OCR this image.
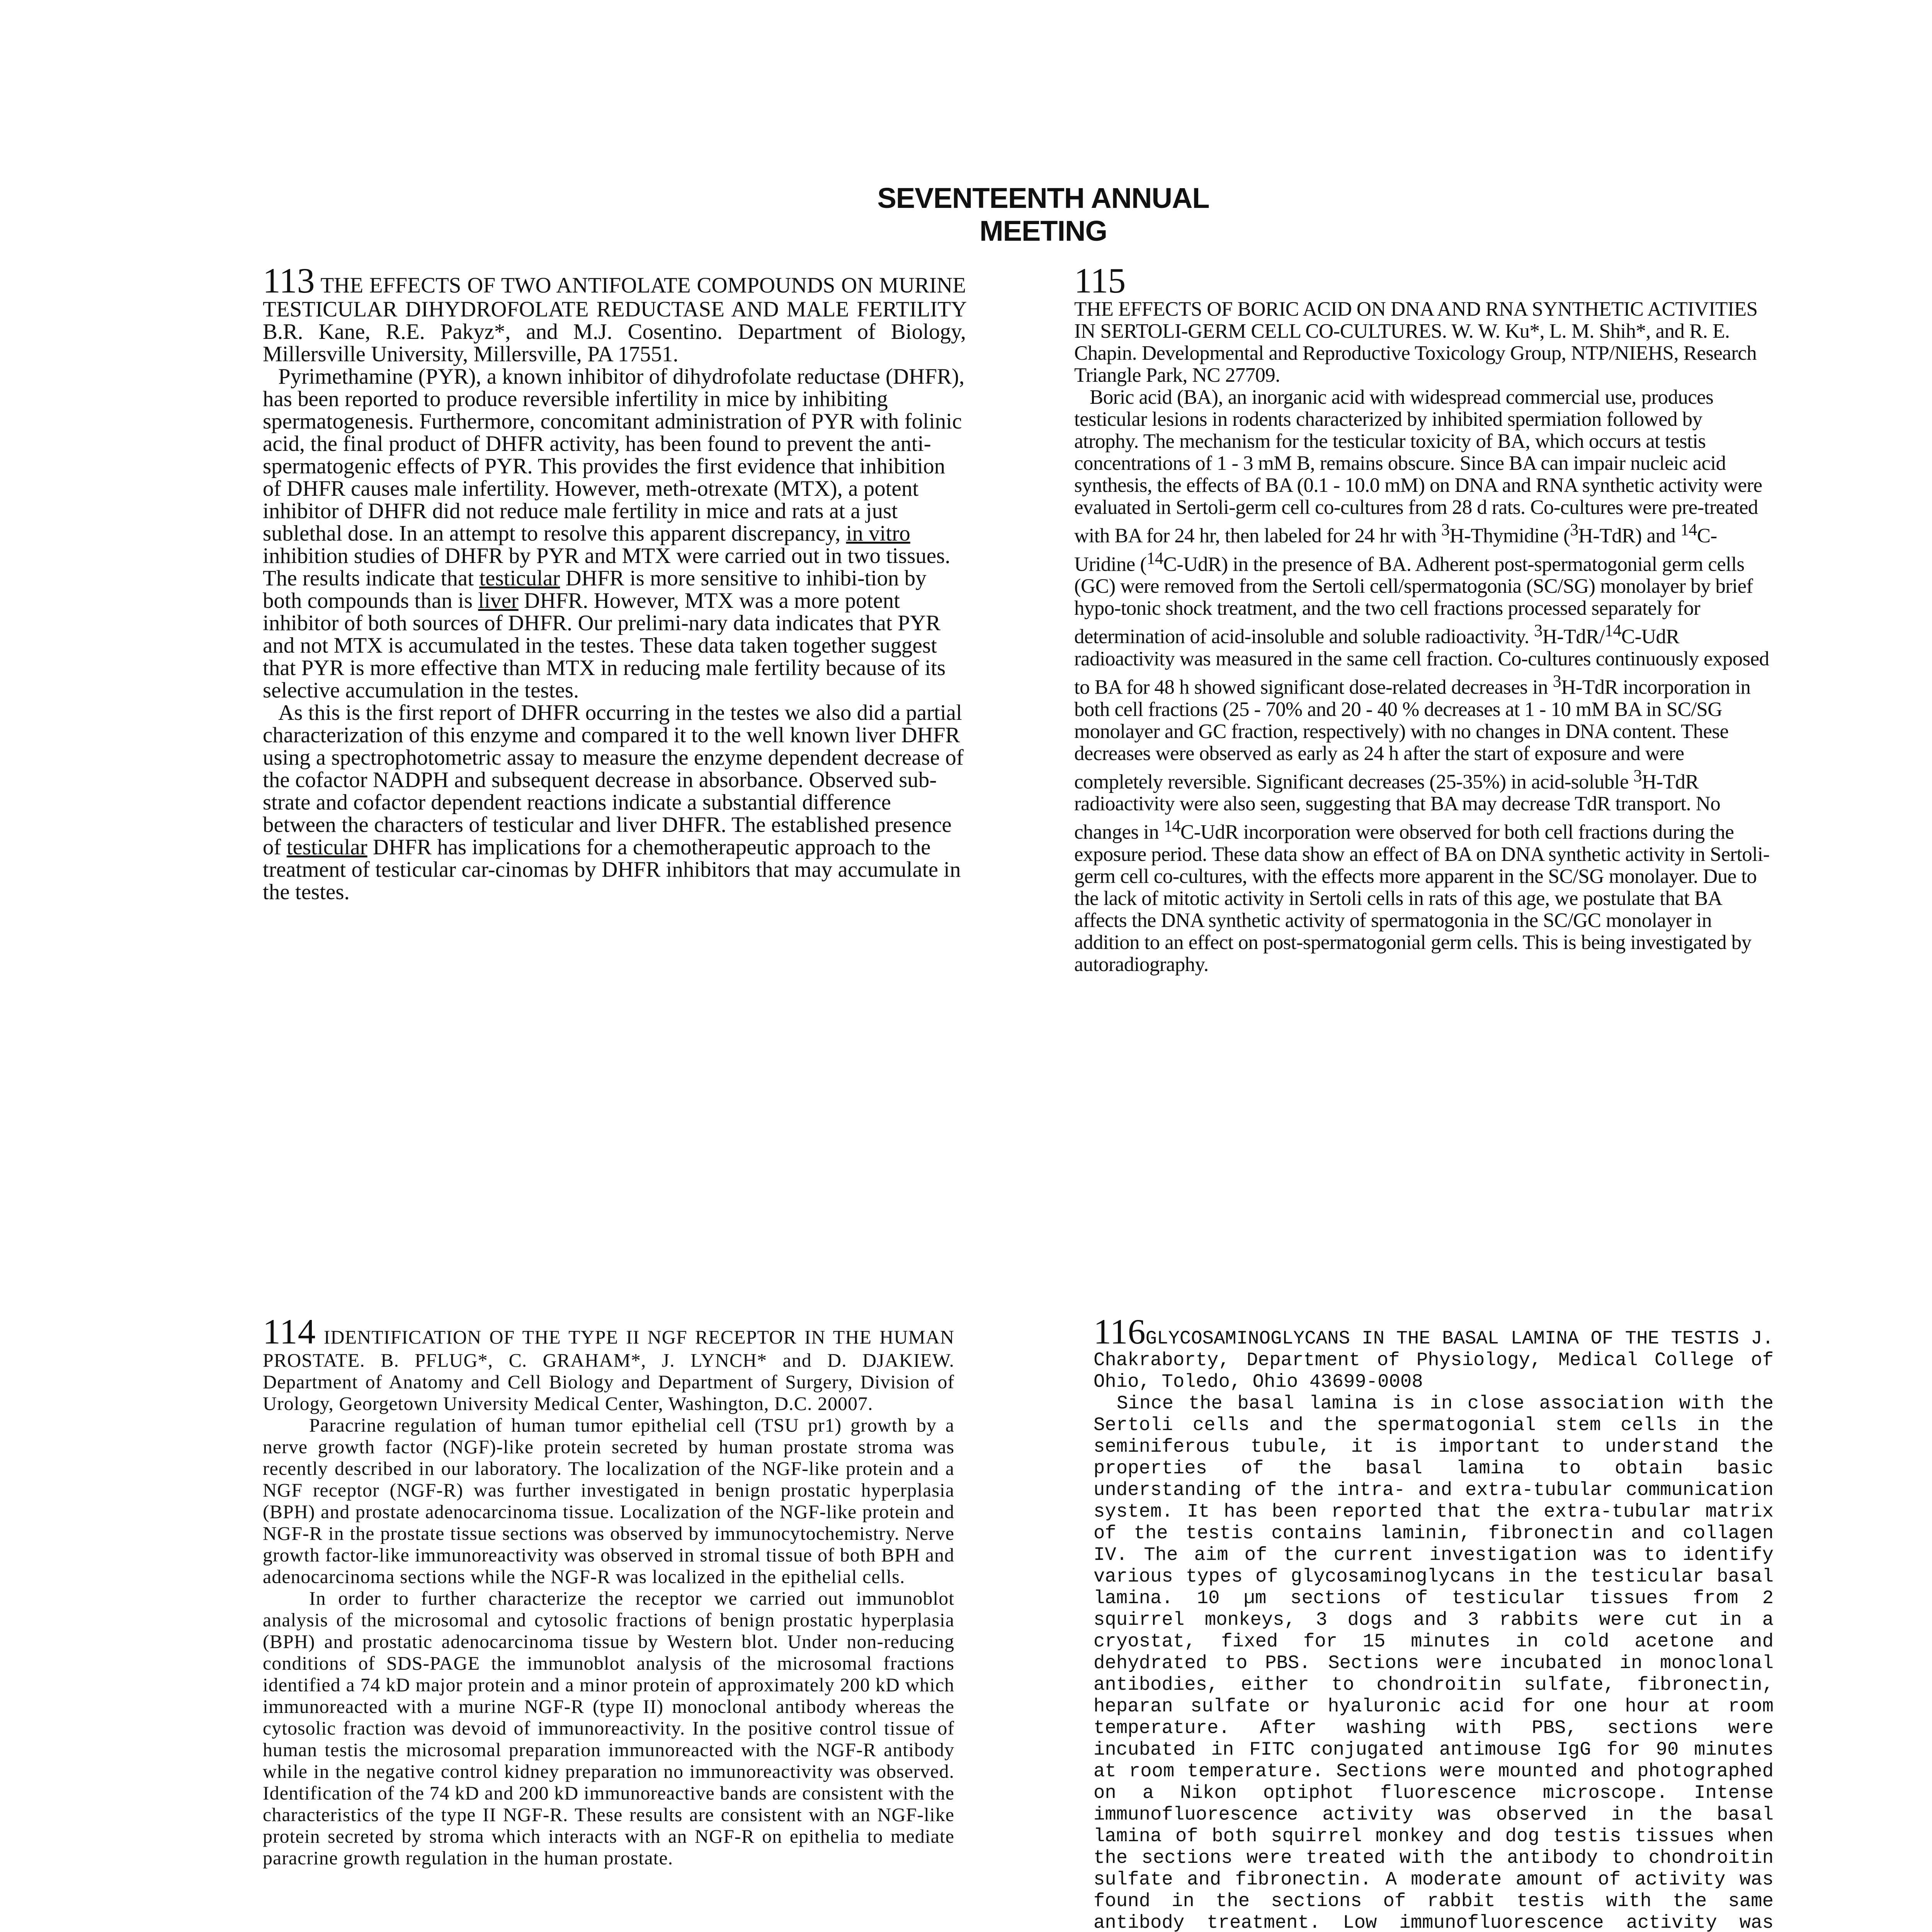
SEVENTEENTH ANNUAL MEETING

113 THE EFFECTS OF TWO ANTIFOLATE COMPOUNDS ON MURINE TESTICULAR DIHYDROFOLATE REDUCTASE AND MALE FERTILITY B.R. Kane, R.E. Pakyz*, and M.J. Cosentino. Department of Biology, Millersville University, Millersville, PA 17551.

Pyrimethamine (PYR), a known inhibitor of dihydrofolate reductase (DHFR), has been reported to produce reversible infertility in mice by inhibiting spermatogenesis. Furthermore, concomitant administration of PYR with folinic acid, the final product of DHFR activity, has been found to prevent the anti-spermatogenic effects of PYR. This provides the first evidence that inhibition of DHFR causes male infertility. However, meth-otrexate (MTX), a potent inhibitor of DHFR did not reduce male fertility in mice and rats at a just sublethal dose. In an attempt to resolve this apparent discrepancy, in vitro inhibition studies of DHFR by PYR and MTX were carried out in two tissues. The results indicate that testicular DHFR is more sensitive to inhibi-tion by both compounds than is liver DHFR. However, MTX was a more potent inhibitor of both sources of DHFR. Our prelimi-nary data indicates that PYR and not MTX is accumulated in the testes. These data taken together suggest that PYR is more effective than MTX in reducing male fertility because of its selective accumulation in the testes.

As this is the first report of DHFR occurring in the testes we also did a partial characterization of this enzyme and compared it to the well known liver DHFR using a spectrophotometric assay to measure the enzyme dependent decrease of the cofactor NADPH and subsequent decrease in absorbance. Observed sub-strate and cofactor dependent reactions indicate a substantial difference between the characters of testicular and liver DHFR. The established presence of testicular DHFR has implications for a chemotherapeutic approach to the treatment of testicular car-cinomas by DHFR inhibitors that may accumulate in the testes.

115

THE EFFECTS OF BORIC ACID ON DNA AND RNA SYNTHETIC ACTIVITIES IN SERTOLI-GERM CELL CO-CULTURES. W. W. Ku*, L. M. Shih*, and R. E. Chapin. Developmental and Reproductive Toxicology Group, NTP/NIEHS, Research Triangle Park, NC 27709.

Boric acid (BA), an inorganic acid with widespread commercial use, produces testicular lesions in rodents characterized by inhibited spermiation followed by atrophy. The mechanism for the testicular toxicity of BA, which occurs at testis concentrations of 1 - 3 mM B, remains obscure. Since BA can impair nucleic acid synthesis, the effects of BA (0.1 - 10.0 mM) on DNA and RNA synthetic activity were evaluated in Sertoli-germ cell co-cultures from 28 d rats. Co-cultures were pre-treated with BA for 24 hr, then labeled for 24 hr with $^3$H-Thymidine ($^3$H-TdR) and $^{14}$C-Uridine ($^{14}$C-UdR) in the presence of BA. Adherent post-spermatogonial germ cells (GC) were removed from the Sertoli cell/spermatogonia (SC/SG) monolayer by brief hypo-tonic shock treatment, and the two cell fractions processed separately for determination of acid-insoluble and soluble radioactivity. $^3$H-TdR/$^{14}$C-UdR radioactivity was measured in the same cell fraction. Co-cultures continuously exposed to BA for 48 h showed significant dose-related decreases in $^3$H-TdR incorporation in both cell fractions (25 - 70% and 20 - 40 % decreases at 1 - 10 mM BA in SC/SG monolayer and GC fraction, respectively) with no changes in DNA content. These decreases were observed as early as 24 h after the start of exposure and were completely reversible. Significant decreases (25-35%) in acid-soluble $^3$H-TdR radioactivity were also seen, suggesting that BA may decrease TdR transport. No changes in $^{14}$C-UdR incorporation were observed for both cell fractions during the exposure period. These data show an effect of BA on DNA synthetic activity in Sertoli-germ cell co-cultures, with the effects more apparent in the SC/SG monolayer. Due to the lack of mitotic activity in Sertoli cells in rats of this age, we postulate that BA affects the DNA synthetic activity of spermatogonia in the SC/GC monolayer in addition to an effect on post-spermatogonial germ cells. This is being investigated by autoradiography.

114 IDENTIFICATION OF THE TYPE II NGF RECEPTOR IN THE HUMAN PROSTATE. B. PFLUG*, C. GRAHAM*, J. LYNCH* and D. DJAKIEW. Department of Anatomy and Cell Biology and Department of Surgery, Division of Urology, Georgetown University Medical Center, Washington, D.C. 20007.

Paracrine regulation of human tumor epithelial cell (TSU pr1) growth by a nerve growth factor (NGF)-like protein secreted by human prostate stroma was recently described in our laboratory. The localization of the NGF-like protein and a NGF receptor (NGF-R) was further investigated in benign prostatic hyperplasia (BPH) and prostate adenocarcinoma tissue. Localization of the NGF-like protein and NGF-R in the prostate tissue sections was observed by immunocytochemistry. Nerve growth factor-like immunoreactivity was observed in stromal tissue of both BPH and adenocarcinoma sections while the NGF-R was localized in the epithelial cells.

In order to further characterize the receptor we carried out immunoblot analysis of the microsomal and cytosolic fractions of benign prostatic hyperplasia (BPH) and prostatic adenocarcinoma tissue by Western blot. Under non-reducing conditions of SDS-PAGE the immunoblot analysis of the microsomal fractions identified a 74 kD major protein and a minor protein of approximately 200 kD which immunoreacted with a murine NGF-R (type II) monoclonal antibody whereas the cytosolic fraction was devoid of immunoreactivity. In the positive control tissue of human testis the microsomal preparation immunoreacted with the NGF-R antibody while in the negative control kidney preparation no immunoreactivity was observed. Identification of the 74 kD and 200 kD immunoreactive bands are consistent with the characteristics of the type II NGF-R. These results are consistent with an NGF-like protein secreted by stroma which interacts with an NGF-R on epithelia to mediate paracrine growth regulation in the human prostate.

116GLYCOSAMINOGLYCANS IN THE BASAL LAMINA OF THE TESTIS J. Chakraborty, Department of Physiology, Medical College of Ohio, Toledo, Ohio 43699-0008

Since the basal lamina is in close association with the Sertoli cells and the spermatogonial stem cells in the seminiferous tubule, it is important to understand the properties of the basal lamina to obtain basic understanding of the intra- and extra-tubular communication system. It has been reported that the extra-tubular matrix of the testis contains laminin, fibronectin and collagen IV. The aim of the current investigation was to identify various types of glycosaminoglycans in the testicular basal lamina. 10 µm sections of testicular tissues from 2 squirrel monkeys, 3 dogs and 3 rabbits were cut in a cryostat, fixed for 15 minutes in cold acetone and dehydrated to PBS. Sections were incubated in monoclonal antibodies, either to chondroitin sulfate, fibronectin, heparan sulfate or hyaluronic acid for one hour at room temperature. After washing with PBS, sections were incubated in FITC conjugated antimouse IgG for 90 minutes at room temperature. Sections were mounted and photographed on a Nikon optiphot fluorescence microscope. Intense immunofluorescence activity was observed in the basal lamina of both squirrel monkey and dog testis tissues when the sections were treated with the antibody to chondroitin sulfate and fibronectin. A moderate amount of activity was found in the sections of rabbit testis with the same antibody treatment. Low immunofluorescence activity was
